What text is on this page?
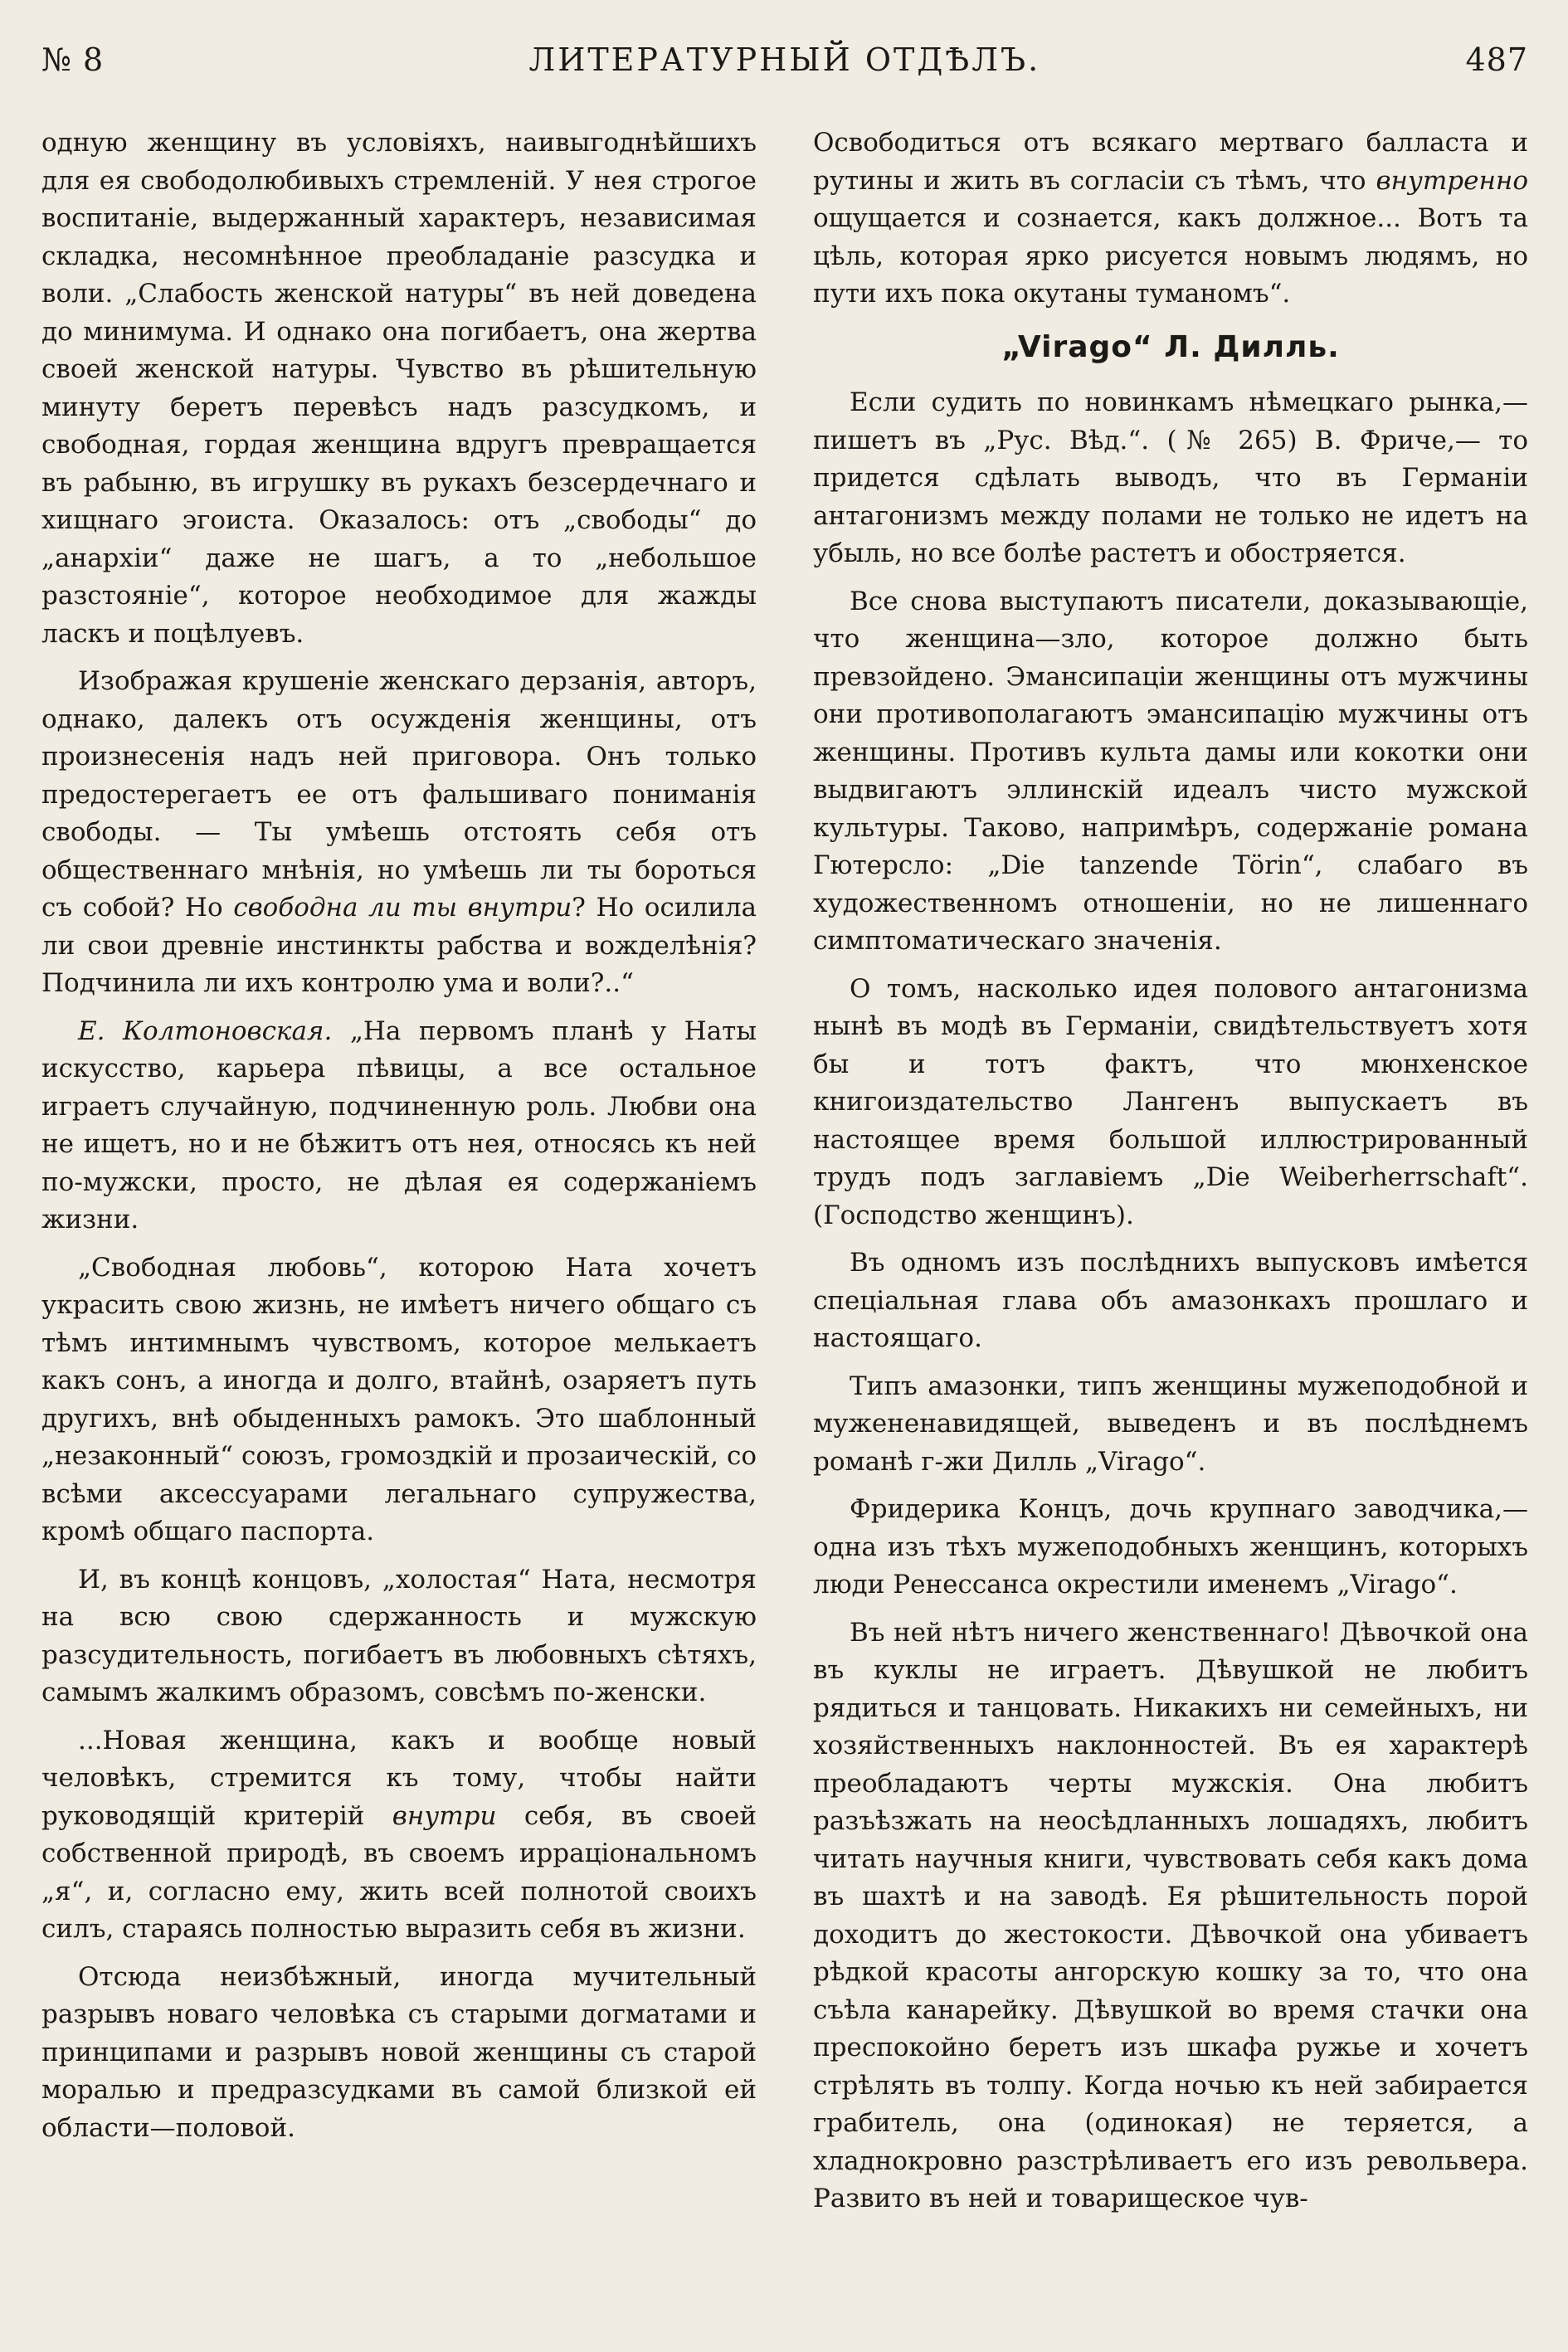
№ 8	ЛИТЕРАТУРНЫЙ ОТДѢЛЪ.	487

одную женщину въ условіяхъ, наивыгоднѣйшихъ для ея свободолюбивыхъ стремленій. У нея строгое воспитаніе, выдержанный характеръ, независимая складка, несомнѣнное преобладаніе разсудка и воли. „Слабость женской натуры“ въ ней доведена до минимума. И однако она погибаетъ, она жертва своей женской натуры. Чувство въ рѣшительную минуту беретъ перевѣсъ надъ разсудкомъ, и свободная, гордая женщина вдругъ превращается въ рабыню, въ игрушку въ рукахъ безсердечнаго и хищнаго эгоиста. Оказалось: отъ „свободы“ до „анархіи“ даже не шагъ, а то „небольшое разстояніе“, которое необходимое для жажды ласкъ и поцѣлуевъ.

Изображая крушеніе женскаго дерзанія, авторъ, однако, далекъ отъ осужденія женщины, отъ произнесенія надъ ней приговора. Онъ только предостерегаетъ ее отъ фальшиваго пониманія свободы. — Ты умѣешь отстоять себя отъ общественнаго мнѣнія, но умѣешь ли ты бороться съ собой? Но свободна ли ты внутри? Но осилила ли свои древніе инстинкты рабства и вожделѣнія? Подчинила ли ихъ контролю ума и воли?..“

Е. Колтоновская. „На первомъ планѣ у Наты искусство, карьера пѣвицы, а все остальное играетъ случайную, подчиненную роль. Любви она не ищетъ, но и не бѣжитъ отъ нея, относясь къ ней по-мужски, просто, не дѣлая ея содержаніемъ жизни.

„Свободная любовь“, которою Ната хочетъ украсить свою жизнь, не имѣетъ ничего общаго съ тѣмъ интимнымъ чувствомъ, которое мелькаетъ какъ сонъ, а иногда и долго, втайнѣ, озаряетъ путь другихъ, внѣ обыденныхъ рамокъ. Это шаблонный „незаконный“ союзъ, громоздкій и прозаическій, со всѣми аксессуарами легальнаго супружества, кромѣ общаго паспорта.

И, въ концѣ концовъ, „холостая“ Ната, несмотря на всю свою сдержанность и мужскую разсудительность, погибаетъ въ любовныхъ сѣтяхъ, самымъ жалкимъ образомъ, совсѣмъ по-женски.

...Новая женщина, какъ и вообще новый человѣкъ, стремится къ тому, чтобы найти руководящій критерій внутри себя, въ своей собственной природѣ, въ своемъ ирраціональномъ „я“, и, согласно ему, жить всей полнотой своихъ силъ, стараясь полностью выразить себя въ жизни.

Отсюда неизбѣжный, иногда мучительный разрывъ новаго человѣка съ старыми догматами и принципами и разрывъ новой женщины съ старой моралью и предразсудками въ самой близкой ей области—половой.

Освободиться отъ всякаго мертваго балласта и рутины и жить въ согласіи съ тѣмъ, что внутренно ощущается и сознается, какъ должное... Вотъ та цѣль, которая ярко рисуется новымъ людямъ, но пути ихъ пока окутаны туманомъ“.

„Virago“ Л. Дилль.

Если судить по новинкамъ нѣмецкаго рынка,— пишетъ въ „Рус. Вѣд.“. (№ 265) В. Фриче,— то придется сдѣлать выводъ, что въ Германіи антагонизмъ между полами не только не идетъ на убыль, но все болѣе растетъ и обостряется.

Все снова выступаютъ писатели, доказывающіе, что женщина—зло, которое должно быть превзойдено. Эмансипаціи женщины отъ мужчины они противополагаютъ эмансипацію мужчины отъ женщины. Противъ культа дамы или кокотки они выдвигаютъ эллинскій идеалъ чисто мужской культуры. Таково, напримѣръ, содержаніе романа Гютерсло: „Die tanzende Törin“, слабаго въ художественномъ отношеніи, но не лишеннаго симптоматическаго значенія.

О томъ, насколько идея полового антагонизма нынѣ въ модѣ въ Германіи, свидѣтельствуетъ хотя бы и тотъ фактъ, что мюнхенское книгоиздательство Лангенъ выпускаетъ въ настоящее время большой иллюстрированный трудъ подъ заглавіемъ „Die Weiberherrschaft“. (Господство женщинъ).

Въ одномъ изъ послѣднихъ выпусковъ имѣется спеціальная глава объ амазонкахъ прошлаго и настоящаго.

Типъ амазонки, типъ женщины мужеподобной и мужененавидящей, выведенъ и въ послѣднемъ романѣ г-жи Дилль „Virago“.

Фридерика Концъ, дочь крупнаго заводчика,— одна изъ тѣхъ мужеподобныхъ женщинъ, которыхъ люди Ренессанса окрестили именемъ „Virago“.

Въ ней нѣтъ ничего женственнаго! Дѣвочкой она въ куклы не играетъ. Дѣвушкой не любитъ рядиться и танцовать. Никакихъ ни семейныхъ, ни хозяйственныхъ наклонностей. Въ ея характерѣ преобладаютъ черты мужскія. Она любитъ разъѣзжать на неосѣдланныхъ лошадяхъ, любитъ читать научныя книги, чувствовать себя какъ дома въ шахтѣ и на заводѣ. Ея рѣшительность порой доходитъ до жестокости. Дѣвочкой она убиваетъ рѣдкой красоты ангорскую кошку за то, что она съѣла канарейку. Дѣвушкой во время стачки она преспокойно беретъ изъ шкафа ружье и хочетъ стрѣлять въ толпу. Когда ночью къ ней забирается грабитель, она (одинокая) не теряется, а хладнокровно разстрѣливаетъ его изъ револьвера. Развито въ ней и товарищеское чув-
